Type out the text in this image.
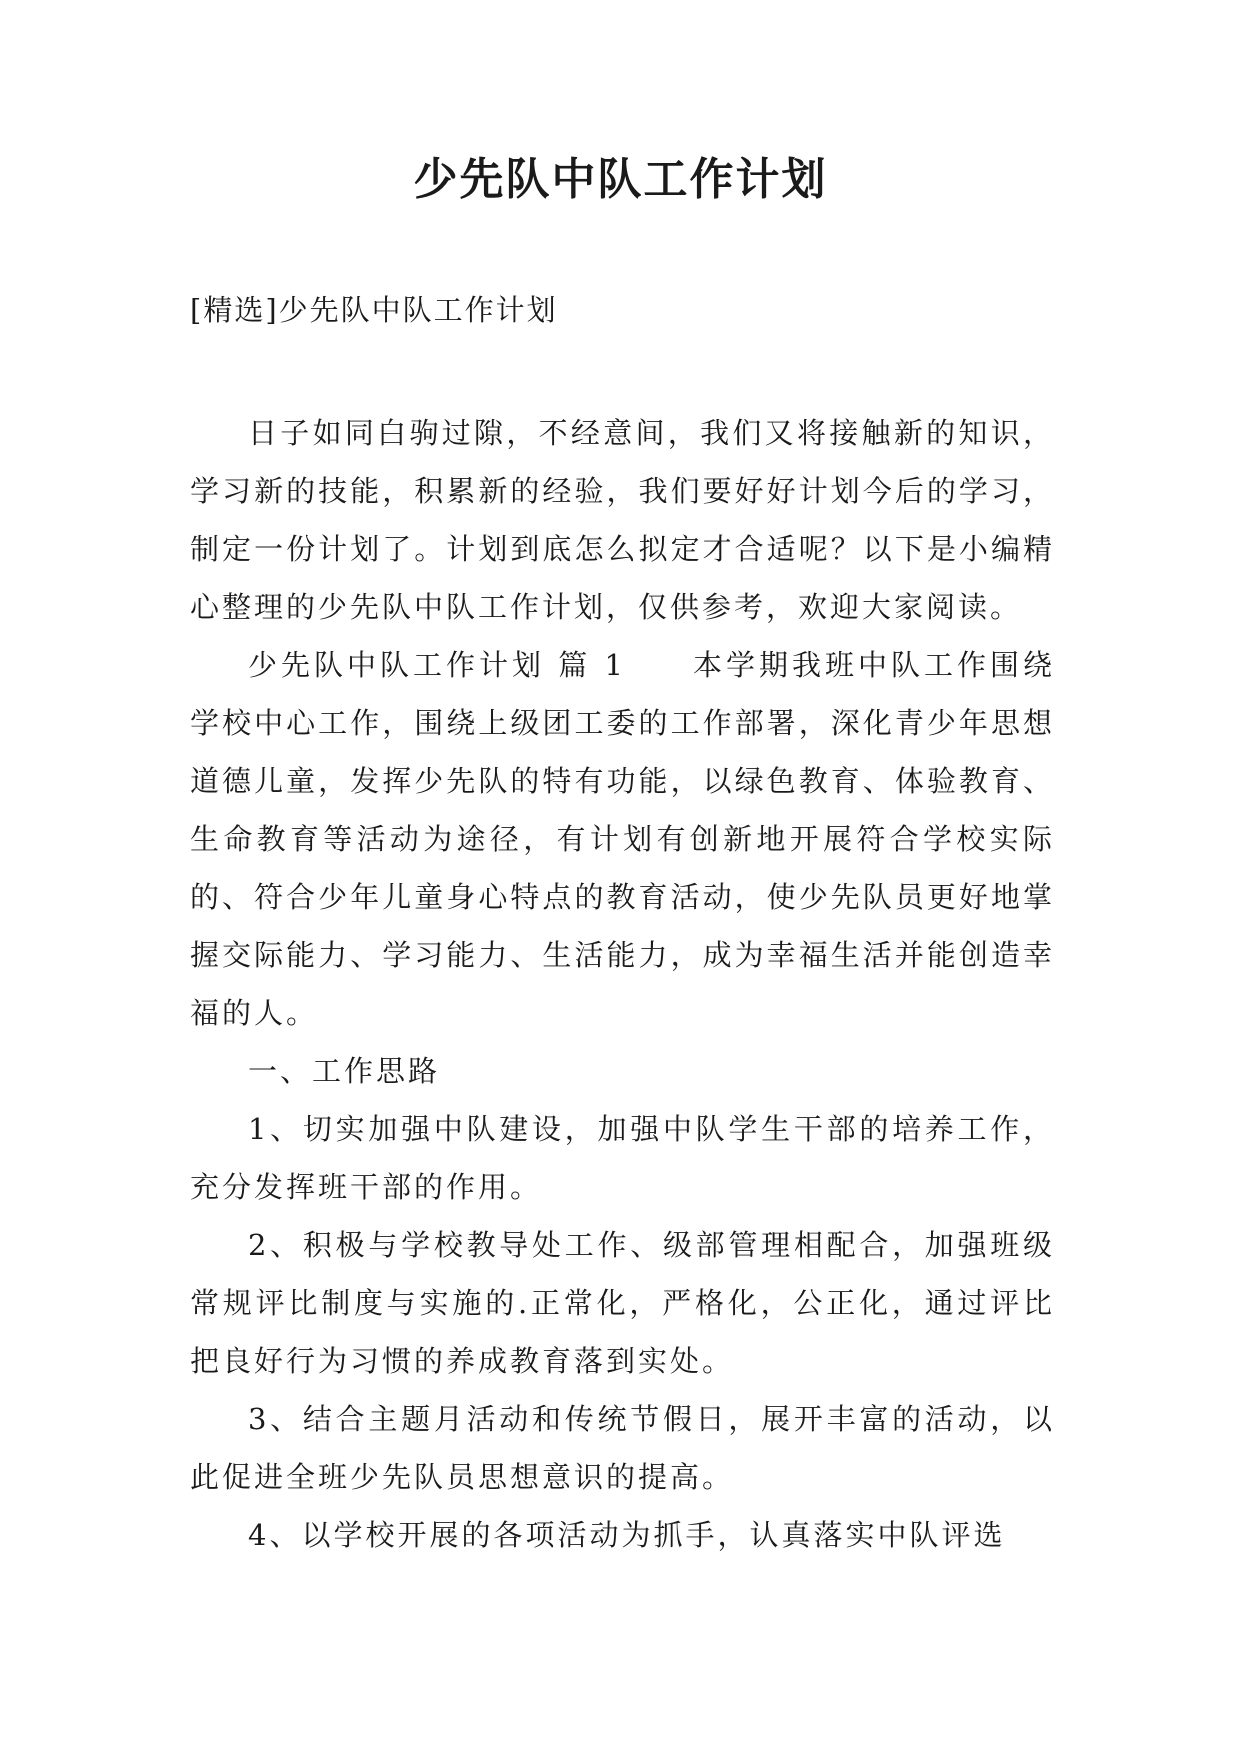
少先队中队工作计划
[精选]少先队中队工作计划

日子如同白驹过隙，不经意间，我们又将接触新的知识，学习新的技能，积累新的经验，我们要好好计划今后的学习，制定一份计划了。计划到底怎么拟定才合适呢？以下是小编精心整理的少先队中队工作计划，仅供参考，欢迎大家阅读。

少先队中队工作计划 篇 1　　本学期我班中队工作围绕学校中心工作，围绕上级团工委的工作部署，深化青少年思想道德儿童，发挥少先队的特有功能，以绿色教育、体验教育、生命教育等活动为途径，有计划有创新地开展符合学校实际的、符合少年儿童身心特点的教育活动，使少先队员更好地掌握交际能力、学习能力、生活能力，成为幸福生活并能创造幸福的人。

一、工作思路

1、切实加强中队建设，加强中队学生干部的培养工作，充分发挥班干部的作用。

2、积极与学校教导处工作、级部管理相配合，加强班级常规评比制度与实施的.正常化，严格化，公正化，通过评比把良好行为习惯的养成教育落到实处。

3、结合主题月活动和传统节假日，展开丰富的活动，以此促进全班少先队员思想意识的提高。

4、以学校开展的各项活动为抓手，认真落实中队评选
